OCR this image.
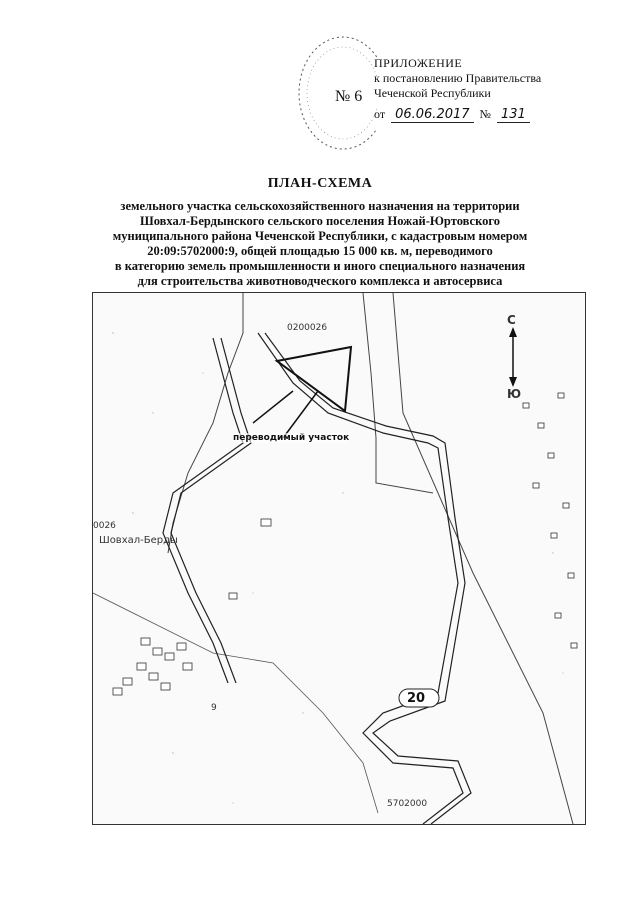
№ 6
ПРИЛОЖЕНИЕ
к постановлению Правительства
Чеченской Республики
от 06.06.2017 № 131
ПЛАН-СХЕМА
земельного участка сельскохозяйственного назначения на территории
Шовхал-Бердынского сельского поселения Ножай-Юртовского
муниципального района Чеченской Республики, с кадастровым номером
20:09:5702000:9, общей площадью 15 000 кв. м, переводимого
в категорию земель промышленности и иного специального назначения
для строительства животноводческого комплекса и автосервиса
0200026
0026
5702000
Шовхал-Берды
переводимый участок
20
9
С
Ю
